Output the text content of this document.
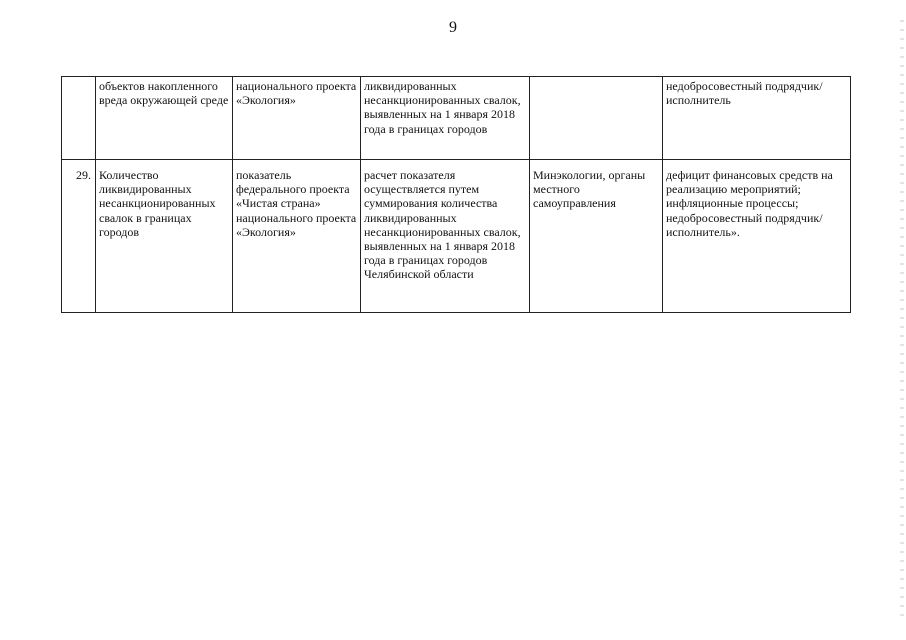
9
	объектов накопленного вреда окружающей среде	национального проекта «Экология»	ликвидированных несанкционированных свалок, выявленных на 1 января 2018 года в границах городов		недобросовестный подрядчик/исполнитель
29.	Количество ликвидированных несанкционированных свалок в границах городов	показатель федерального проекта «Чистая страна» национального проекта «Экология»	расчет показателя осуществляется путем суммирования количества ликвидированных несанкционированных свалок, выявленных на 1 января 2018 года в границах городов Челябинской области	Минэкологии, органы местного самоуправления	дефицит финансовых средств на реализацию мероприятий; инфляционные процессы; недобросовестный подрядчик/исполнитель».
